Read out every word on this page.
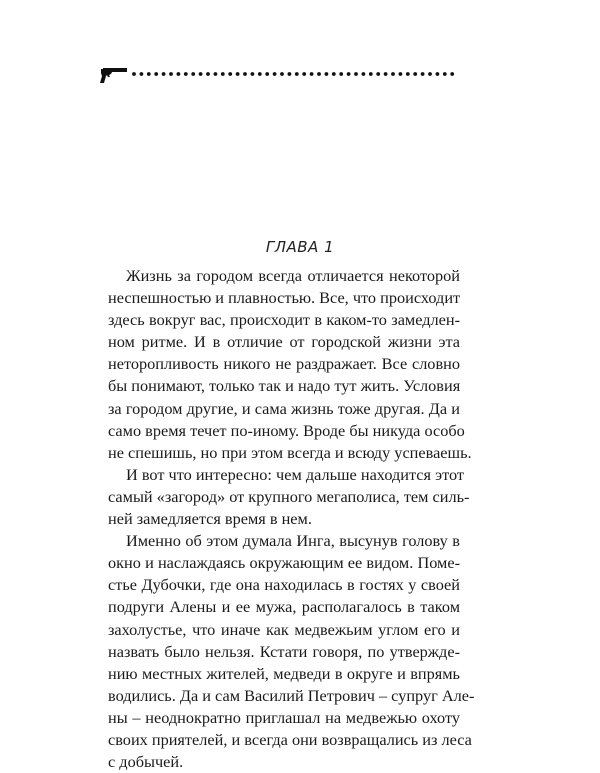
ГЛАВА 1
Жизнь за городом всегда отличается некоторой
неспешностью и плавностью. Все, что происходит
здесь вокруг вас, происходит в каком-то замедлен-
ном ритме. И в отличие от городской жизни эта
неторопливость никого не раздражает. Все словно
бы понимают, только так и надо тут жить. Условия
за городом другие, и сама жизнь тоже другая. Да и
само время течет по-иному. Вроде бы никуда особо
не спешишь, но при этом всегда и всюду успеваешь.
И вот что интересно: чем дальше находится этот
самый «загород» от крупного мегаполиса, тем силь-
ней замедляется время в нем.
Именно об этом думала Инга, высунув голову в
окно и наслаждаясь окружающим ее видом. Поме-
стье Дубочки, где она находилась в гостях у своей
подруги Алены и ее мужа, располагалось в таком
захолустье, что иначе как медвежьим углом его и
назвать было нельзя. Кстати говоря, по утвержде-
нию местных жителей, медведи в округе и впрямь
водились. Да и сам Василий Петрович – супруг Але-
ны – неоднократно приглашал на медвежью охоту
своих приятелей, и всегда они возвращались из леса
с добычей.
